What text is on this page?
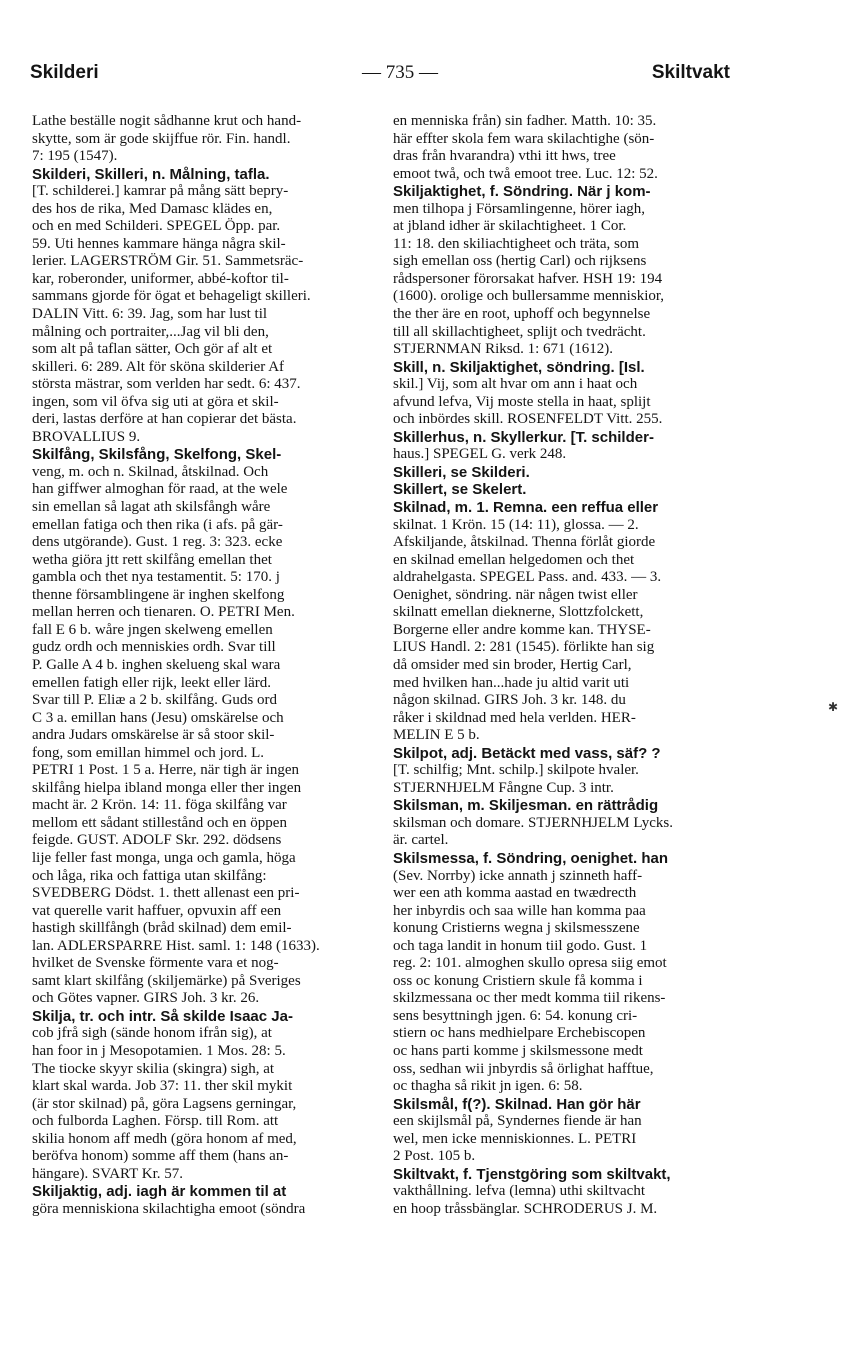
Skilderi	— 735 —	Skiltvakt
Lathe beställe nogit sådhanne krut och hand-
skytte, som är gode skijffue rör. Fin. handl.
7: 195 (1547).
Skilderi, Skilleri, n. Målning, tafla.
[T. schilderei.] kamrar på mång sätt bepry-
des hos de rika, Med Damasc klädes en,
och en med Schilderi. SPEGEL Öpp. par.
59. Uti hennes kammare hänga några skil-
lerier. LAGERSTRÖM Gir. 51. Sammetsräc-
kar, roberonder, uniformer, abbé-koftor til-
sammans gjorde för ögat et behageligt skilleri.
DALIN Vitt. 6: 39. Jag, som har lust til
målning och portraiter,...Jag vil bli den,
som alt på taflan sätter, Och gör af alt et
skilleri. 6: 289. Alt för sköna skilderier Af
största mästrar, som verlden har sedt. 6: 437.
ingen, som vil öfva sig uti at göra et skil-
deri, lastas derföre at han copierar det bästa.
BROVALLIUS 9.
Skilfång, Skilsfång, Skelfong, Skel-
veng, m. och n. Skilnad, åtskilnad. Och
han giffwer almoghan för raad, at the wele
sin emellan så lagat ath skilsfångh wåre
emellan fatiga och then rika (i afs. på gär-
dens utgörande). Gust. 1 reg. 3: 323. ecke
wetha giöra jtt rett skilfång emellan thet
gambla och thet nya testamentit. 5: 170. j
thenne församblingene är inghen skelfong
mellan herren och tienaren. O. PETRI Men.
fall E 6 b. wåre jngen skelweng emellen
gudz ordh och menniskies ordh. Svar till
P. Galle A 4 b. inghen skelueng skal wara
emellen fatigh eller rijk, leekt eller lärd.
Svar till P. Eliæ a 2 b. skilfång. Guds ord
C 3 a. emillan hans (Jesu) omskärelse och
andra Judars omskärelse är så stoor skil-
fong, som emillan himmel och jord. L.
PETRI 1 Post. 1 5 a. Herre, när tigh är ingen
skilfång hielpa ibland monga eller ther ingen
macht är. 2 Krön. 14: 11. föga skilfång var
mellom ett sådant stillestånd och en öppen
feigde. GUST. ADOLF Skr. 292. dödsens
lije feller fast monga, unga och gamla, höga
och låga, rika och fattiga utan skilfång:
SVEDBERG Dödst. 1. thett allenast een pri-
vat querelle varit haffuer, opvuxin aff een
hastigh skillfångh (bråd skilnad) dem emil-
lan. ADLERSPARRE Hist. saml. 1: 148 (1633).
hvilket de Svenske förmente vara et nog-
samt klart skilfång (skiljemärke) på Sveriges
och Götes vapner. GIRS Joh. 3 kr. 26.
Skilja, tr. och intr. Så skilde Isaac Ja-
cob jfrå sigh (sände honom ifrån sig), at
han foor in j Mesopotamien. 1 Mos. 28: 5.
The tiocke skyyr skilia (skingra) sigh, at
klart skal warda. Job 37: 11. ther skil mykit
(är stor skilnad) på, göra Lagsens gerningar,
och fulborda Laghen. Försp. till Rom. att
skilia honom aff medh (göra honom af med,
beröfva honom) somme aff them (hans an-
hängare). SVART Kr. 57.
Skiljaktig, adj. iagh är kommen til at
göra menniskiona skilachtigha emoot (söndra
en menniska från) sin fadher. Matth. 10: 35.
här effter skola fem wara skilachtighe (sön-
dras från hvarandra) vthi itt hws, tree
emoot twå, och twå emoot tree. Luc. 12: 52.
Skiljaktighet, f. Söndring. När j kom-
men tilhopa j Församlingenne, hörer iagh,
at jbland idher är skilachtigheet. 1 Cor.
11: 18. den skiliachtigheet och träta, som
sigh emellan oss (hertig Carl) och rijksens
rådspersoner förorsakat hafver. HSH 19: 194
(1600). orolige och bullersamme menniskior,
the ther äre en root, uphoff och begynnelse
till all skillachtigheet, splijt och tvedrächt.
STJERNMAN Riksd. 1: 671 (1612).
Skill, n. Skiljaktighet, söndring. [Isl.
skil.] Vij, som alt hvar om ann i haat och
afvund lefva, Vij moste stella in haat, splijt
och inbördes skill. ROSENFELDT Vitt. 255.
Skillerhus, n. Skyllerkur. [T. schilder-
haus.] SPEGEL G. verk 248.
Skilleri, se Skilderi.
Skillert, se Skelert.
Skilnad, m. 1. Remna. een reffua eller
skilnat. 1 Krön. 15 (14: 11), glossa. — 2.
Afskiljande, åtskilnad. Thenna förlåt giorde
en skilnad emellan helgedomen och thet
aldrahelgasta. SPEGEL Pass. and. 433. — 3.
Oenighet, söndring. när någen twist eller
skilnatt emellan dieknerne, Slottzfolckett,
Borgerne eller andre komme kan. THYSE-
LIUS Handl. 2: 281 (1545). förlikte han sig
då omsider med sin broder, Hertig Carl,
med hvilken han...hade ju altid varit uti
någon skilnad. GIRS Joh. 3 kr. 148. du
råker i skildnad med hela verlden. HER-
MELIN E 5 b.
Skilpot, adj. Betäckt med vass, säf? ?
[T. schilfig; Mnt. schilp.] skilpote hvaler.
STJERNHJELM Fångne Cup. 3 intr.
Skilsman, m. Skiljesman. en rättrådig
skilsman och domare. STJERNHJELM Lycks.
är. cartel.
Skilsmessa, f. Söndring, oenighet. han
(Sev. Norrby) icke annath j szinneth haff-
wer een ath komma aastad en twædrecth
her inbyrdis och saa wille han komma paa
konung Cristierns wegna j skilsmesszene
och taga landit in honum tiil godo. Gust. 1
reg. 2: 101. almoghen skullo opresa siig emot
oss oc konung Cristiern skule få komma i
skilzmessana oc ther medt komma tiil rikens-
sens besyttningh jgen. 6: 54. konung cri-
stiern oc hans medhielpare Erchebiscopen
oc hans parti komme j skilsmessone medt
oss, sedhan wii jnbyrdis så örlighat hafftue,
oc thagha så rikit jn igen. 6: 58.
Skilsmål, f(?). Skilnad. Han gör här
een skijlsmål på, Syndernes fiende är han
wel, men icke menniskionnes. L. PETRI
2 Post. 105 b.
Skiltvakt, f. Tjenstgöring som skiltvakt,
vakthållning. lefva (lemna) uthi skiltvacht
en hoop tråssbänglar. SCHRODERUS J. M.
✱
